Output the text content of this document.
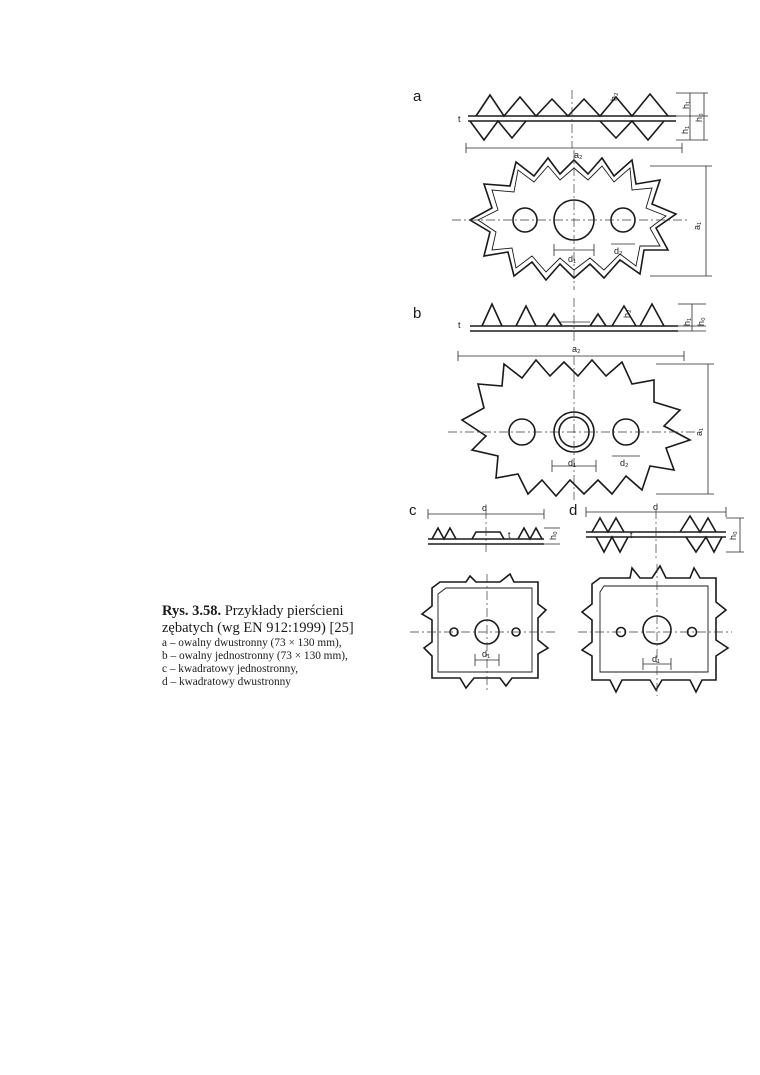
Rys. 3.58. Przykłady pierścieni
zębatych (wg EN 912:1999) [25]
a – owalny dwustronny (73 × 130 mm),
b – owalny jednostronny (73 × 130 mm),
c – kwadratowy jednostronny,
d – kwadratowy dwustronny
a
b
c	d
h₂
h₁
h₀
h₁
t
a₂
a₁
d₁
d₂
h₂
h₁ h₀
t
a₂
a₁
d₁	d₂
d
h₀
t
d₁
d
h₀
t
d₁
